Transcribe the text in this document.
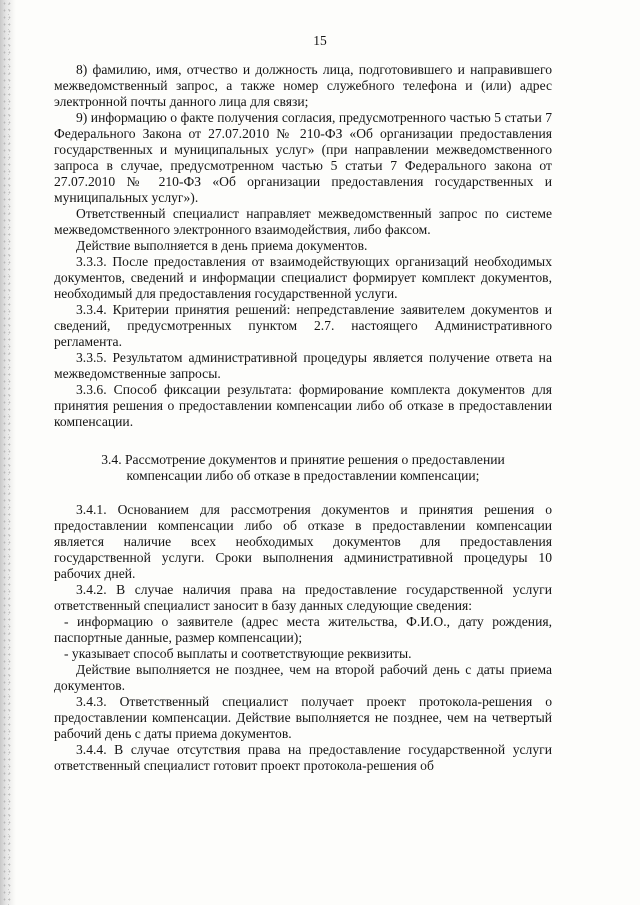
15

8) фамилию, имя, отчество и должность лица, подготовившего и направившего межведомственный запрос, а также номер служебного телефона и (или) адрес электронной почты данного лица для связи;

9) информацию о факте получения согласия, предусмотренного частью 5 статьи 7 Федерального Закона от 27.07.2010 № 210-ФЗ «Об организации предоставления государственных и муниципальных услуг» (при направлении межведомственного запроса в случае, предусмотренном частью 5 статьи 7 Федерального закона от 27.07.2010 № 210-ФЗ «Об организации предоставления государственных и муниципальных услуг»).

Ответственный специалист направляет межведомственный запрос по системе межведомственного электронного взаимодействия, либо факсом.

Действие выполняется в день приема документов.

3.3.3. После предоставления от взаимодействующих организаций необходимых документов, сведений и информации специалист формирует комплект документов, необходимый для предоставления государственной услуги.

3.3.4. Критерии принятия решений: непредставление заявителем документов и сведений, предусмотренных пунктом 2.7. настоящего Административного регламента.

3.3.5. Результатом административной процедуры является получение ответа на межведомственные запросы.

3.3.6. Способ фиксации результата: формирование комплекта документов для принятия решения о предоставлении компенсации либо об отказе в предоставлении компенсации.

3.4. Рассмотрение документов и принятие решения о предоставлении компенсации либо об отказе в предоставлении компенсации;

3.4.1. Основанием для рассмотрения документов и принятия решения о предоставлении компенсации либо об отказе в предоставлении компенсации является наличие всех необходимых документов для предоставления государственной услуги. Сроки выполнения административной процедуры 10 рабочих дней.

3.4.2. В случае наличия права на предоставление государственной услуги ответственный специалист заносит в базу данных следующие сведения:

- информацию о заявителе (адрес места жительства, Ф.И.О., дату рождения, паспортные данные, размер компенсации);

- указывает способ выплаты и соответствующие реквизиты.

Действие выполняется не позднее, чем на второй рабочий день с даты приема документов.

3.4.3. Ответственный специалист получает проект протокола-решения о предоставлении компенсации. Действие выполняется не позднее, чем на четвертый рабочий день с даты приема документов.

3.4.4. В случае отсутствия права на предоставление государственной услуги ответственный специалист готовит проект протокола-решения об
